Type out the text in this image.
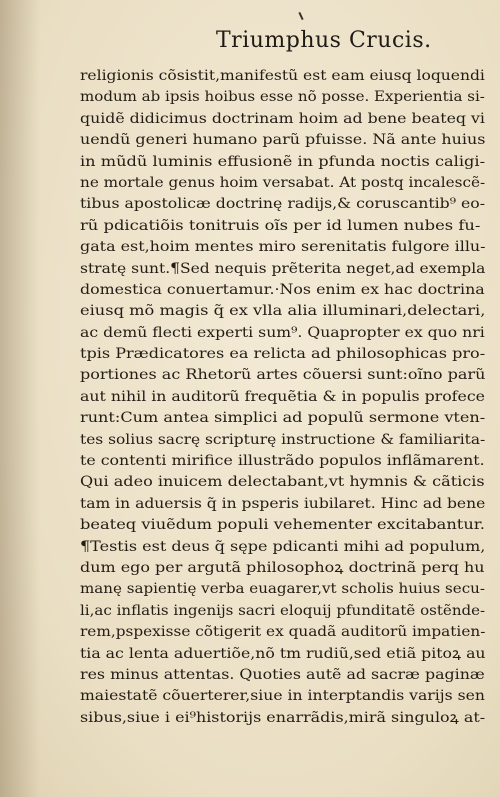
Triumphus Crucis.
religionis cõsistit,manifestũ est eam eiusq loquendi
modum ab ipsis hoibus esse nõ posse. Experientia si-
quidẽ didicimus doctrinam hoim ad bene beateq vi
uendũ generi humano parũ pfuisse. Nã ante huius
in mũdũ luminis effusionẽ in pfunda noctis caligi-
ne mortale genus hoim versabat. At postq incalescẽ-
tibus apostolicæ doctrinę radijs,& coruscantib⁹ eo-
rũ pdicatiõis tonitruis oĩs per id lumen nubes fu-
gata est,hoim mentes miro serenitatis fulgore illu-
stratę sunt.¶Sed nequis prẽterita neget,ad exempla
domestica conuertamur.·Nos enim ex hac doctrina
eiusq mõ magis q̃ ex vlla alia illuminari,delectari,
ac demũ flecti experti sum⁹. Quapropter ex quo nri
tpis Prædicatores ea relicta ad philosophicas pro-
portiones ac Rhetorũ artes cõuersi sunt:oĩno parũ
aut nihil in auditorũ frequẽtia & in populis profece
runt:Cum antea simplici ad populũ sermone vten-
tes solius sacrę scripturę instructione & familiarita-
te contenti mirifice illustrãdo populos inflãmarent.
Qui adeo inuicem delectabant,vt hymnis & cãticis
tam in aduersis q̃ in psperis iubilaret. Hinc ad bene
beateq viuẽdum populi vehementer excitabantur.
¶Testis est deus q̃ sępe pdicanti mihi ad populum,
dum ego per argutã philosophoꝝ doctrinã perq hu
manę sapientię verba euagarer,vt scholis huius secu-
li,ac inflatis ingenijs sacri eloquij pfunditatẽ ostẽnde-
rem,pspexisse cõtigerit ex quadã auditorũ impatien-
tia ac lenta aduertiõe,nõ tm rudiũ,sed etiã pitoꝝ au
res minus attentas. Quoties autẽ ad sacræ paginæ
maiestatẽ cõuerterer,siue in interptandis varijs sen
sibus,siue i ei⁹historijs enarrãdis,mirã singuloꝝ at-
